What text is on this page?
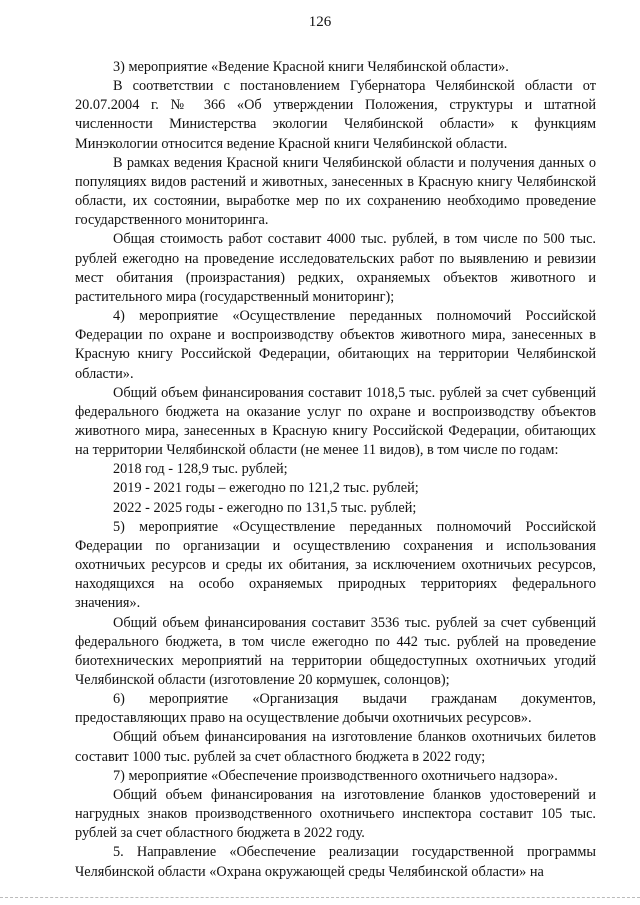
126

3) мероприятие «Ведение Красной книги Челябинской области».

В соответствии с постановлением Губернатора Челябинской области от 20.07.2004 г. № 366 «Об утверждении Положения, структуры и штатной численности Министерства экологии Челябинской области» к функциям Минэкологии относится ведение Красной книги Челябинской области.

В рамках ведения Красной книги Челябинской области и получения данных о популяциях видов растений и животных, занесенных в Красную книгу Челябинской области, их состоянии, выработке мер по их сохранению необходимо проведение государственного мониторинга.

Общая стоимость работ составит 4000 тыс. рублей, в том числе по 500 тыс. рублей ежегодно на проведение исследовательских работ по выявлению и ревизии мест обитания (произрастания) редких, охраняемых объектов животного и растительного мира (государственный мониторинг);

4) мероприятие «Осуществление переданных полномочий Российской Федерации по охране и воспроизводству объектов животного мира, занесенных в Красную книгу Российской Федерации, обитающих на территории Челябинской области».

Общий объем финансирования составит 1018,5 тыс. рублей за счет субвенций федерального бюджета на оказание услуг по охране и воспроизводству объектов животного мира, занесенных в Красную книгу Российской Федерации, обитающих на территории Челябинской области (не менее 11 видов), в том числе по годам:

2018 год - 128,9 тыс. рублей;

2019 - 2021 годы – ежегодно по 121,2 тыс. рублей;

2022 - 2025 годы - ежегодно по 131,5 тыс. рублей;

5) мероприятие «Осуществление переданных полномочий Российской Федерации по организации и осуществлению сохранения и использования охотничьих ресурсов и среды их обитания, за исключением охотничьих ресурсов, находящихся на особо охраняемых природных территориях федерального значения».

Общий объем финансирования составит 3536 тыс. рублей за счет субвенций федерального бюджета, в том числе ежегодно по 442 тыс. рублей на проведение биотехнических мероприятий на территории общедоступных охотничьих угодий Челябинской области (изготовление 20 кормушек, солонцов);

6) мероприятие «Организация выдачи гражданам документов, предоставляющих право на осуществление добычи охотничьих ресурсов».

Общий объем финансирования на изготовление бланков охотничьих билетов составит 1000 тыс. рублей за счет областного бюджета в 2022 году;

7) мероприятие «Обеспечение производственного охотничьего надзора».

Общий объем финансирования на изготовление бланков удостоверений и нагрудных знаков производственного охотничьего инспектора составит 105 тыс. рублей за счет областного бюджета в 2022 году.

5. Направление «Обеспечение реализации государственной программы Челябинской области «Охрана окружающей среды Челябинской области» на
